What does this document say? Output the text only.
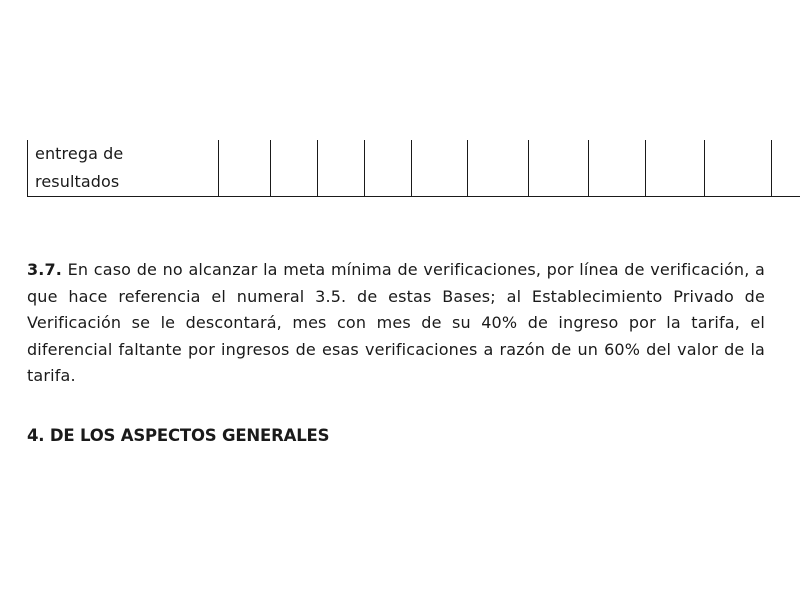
entrega de
resultados

3.7. En caso de no alcanzar la meta mínima de verificaciones, por línea de verificación, a que hace referencia el numeral 3.5. de estas Bases; al Establecimiento Privado de Verificación se le descontará, mes con mes de su 40% de ingreso por la tarifa, el diferencial faltante por ingresos de esas verificaciones a razón de un 60% del valor de la tarifa.

4. DE LOS ASPECTOS GENERALES
